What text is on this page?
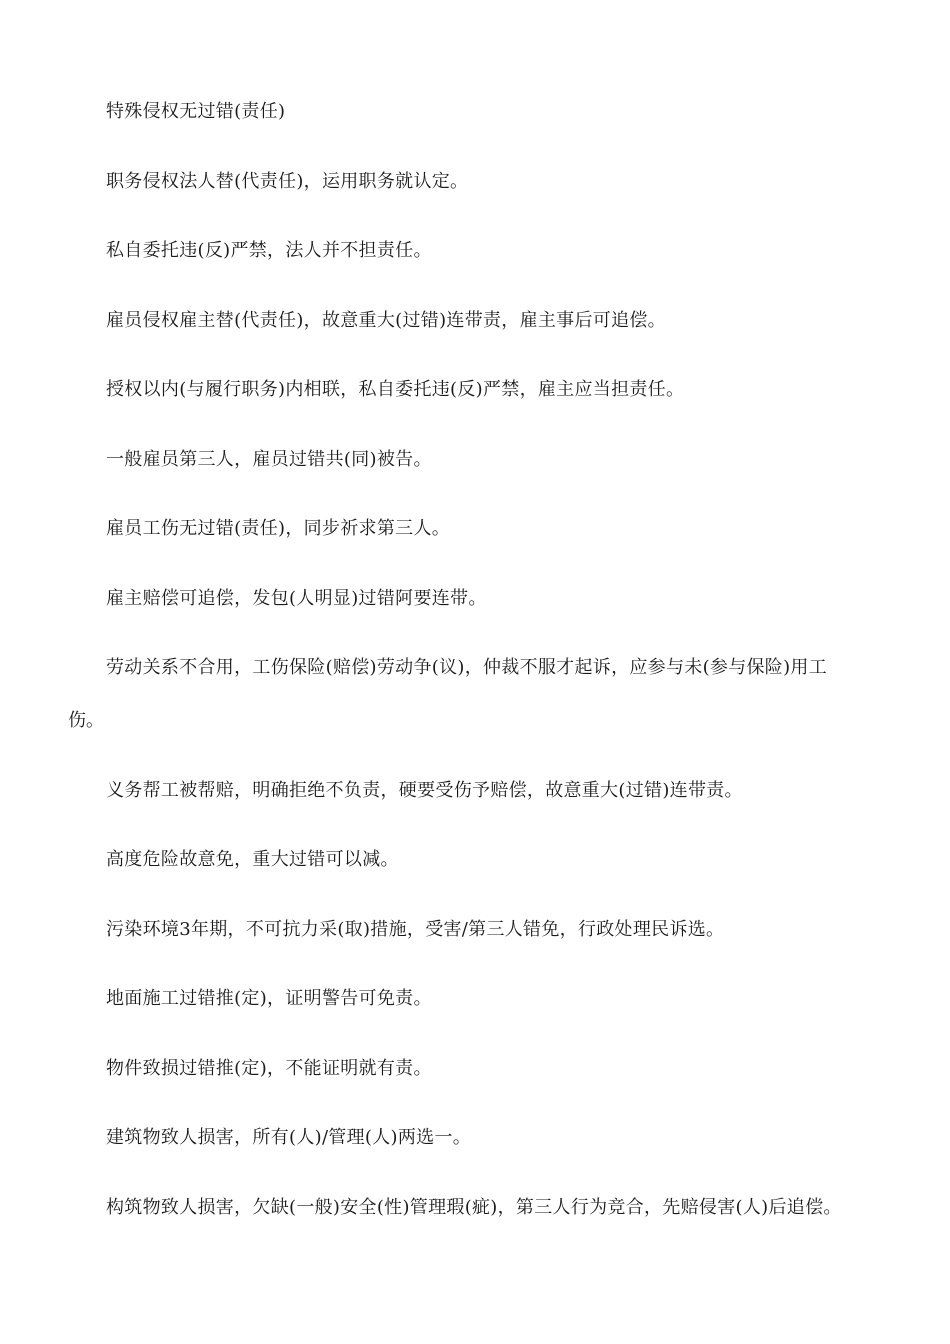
特殊侵权无过错(责任)
职务侵权法人替(代责任)，运用职务就认定。
私自委托违(反)严禁，法人并不担责任。
雇员侵权雇主替(代责任)，故意重大(过错)连带责，雇主事后可追偿。
授权以内(与履行职务)内相联，私自委托违(反)严禁，雇主应当担责任。
一般雇员第三人，雇员过错共(同)被告。
雇员工伤无过错(责任)，同步祈求第三人。
雇主赔偿可追偿，发包(人明显)过错阿要连带。
劳动关系不合用，工伤保险(赔偿)劳动争(议)，仲裁不服才起诉，应参与未(参与保险)用工
伤。
义务帮工被帮赔，明确拒绝不负责，硬要受伤予赔偿，故意重大(过错)连带责。
高度危险故意免，重大过错可以减。
污染环境3年期，不可抗力采(取)措施，受害/第三人错免，行政处理民诉选。
地面施工过错推(定)，证明警告可免责。
物件致损过错推(定)，不能证明就有责。
建筑物致人损害，所有(人)/管理(人)两选一。
构筑物致人损害，欠缺(一般)安全(性)管理瑕(疵)，第三人行为竞合，先赔侵害(人)后追偿。
